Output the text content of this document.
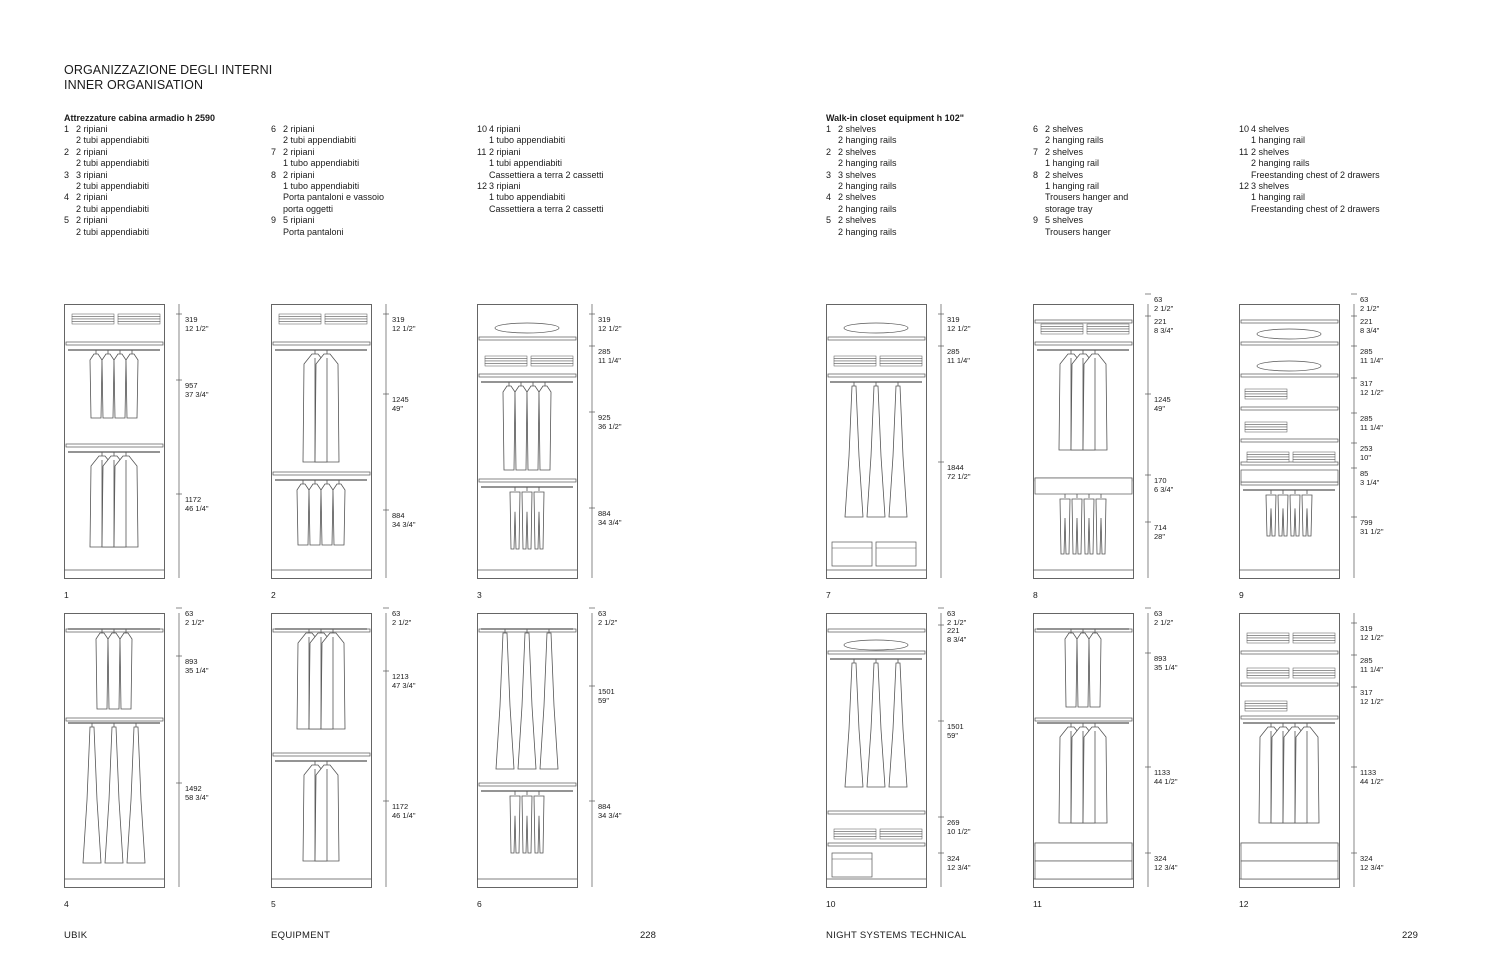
ORGANIZZAZIONE DEGLI INTERNI
INNER ORGANISATION
Attrezzature cabina armadio h 2590	Walk-in closet equipment h 102"
1 2 ripiani
2 tubi appendiabiti
2 2 ripiani
2 tubi appendiabiti
3 3 ripiani
2 tubi appendiabiti
4 2 ripiani
2 tubi appendiabiti
5 2 ripiani
2 tubi appendiabiti
6 2 ripiani
2 tubi appendiabiti
7 2 ripiani
1 tubo appendiabiti
8 2 ripiani
1 tubo appendiabiti
Porta pantaloni e vassoio
porta oggetti
9 5 ripiani
Porta pantaloni
10 4 ripiani
1 tubo appendiabiti
11 2 ripiani
1 tubi appendiabiti
Cassettiera a terra 2 cassetti
12 3 ripiani
1 tubo appendiabiti
Cassettiera a terra 2 cassetti
1 2 shelves
2 hanging rails
2 2 shelves
2 hanging rails
3 3 shelves
2 hanging rails
4 2 shelves
2 hanging rails
5 2 shelves
2 hanging rails
6 2 shelves
2 hanging rails
7 2 shelves
1 hanging rail
8 2 shelves
1 hanging rail
Trousers hanger and
storage tray
9 5 shelves
Trousers hanger
10 4 shelves
1 hanging rail
11 2 shelves
2 hanging rails
Freestanding chest of 2 drawers
12 3 shelves
1 hanging rail
Freestanding chest of 2 drawers
319
12 1/2"
957
37 3/4"
1172
46 1/4"
1
319
12 1/2"
1245
49"
884
34 3/4"
2
319
12 1/2"
285
11 1/4"
925
36 1/2"
884
34 3/4"
3
319
12 1/2"
285
11 1/4"
1844
72 1/2"
7
63
2 1/2"
221
8 3/4"
1245
49"
170
6 3/4"
714
28"
8
63
2 1/2"
221
8 3/4"
285
11 1/4"
317
12 1/2"
285
11 1/4"
253
10"
85
3 1/4"
799
31 1/2"
9
63
2 1/2"
893
35 1/4"
1492
58 3/4"
4
63
2 1/2"
1213
47 3/4"
1172
46 1/4"
5
63
2 1/2"
1501
59"
884
34 3/4"
6
63
2 1/2"
221
8 3/4"
1501
59"
269
10 1/2"
324
12 3/4"
10
63
2 1/2"
893
35 1/4"
1133
44 1/2"
324
12 3/4"
11
319
12 1/2"
285
11 1/4"
317
12 1/2"
1133
44 1/2"
324
12 3/4"
12
UBIK	EQUIPMENT	228	NIGHT SYSTEMS TECHNICAL	229
